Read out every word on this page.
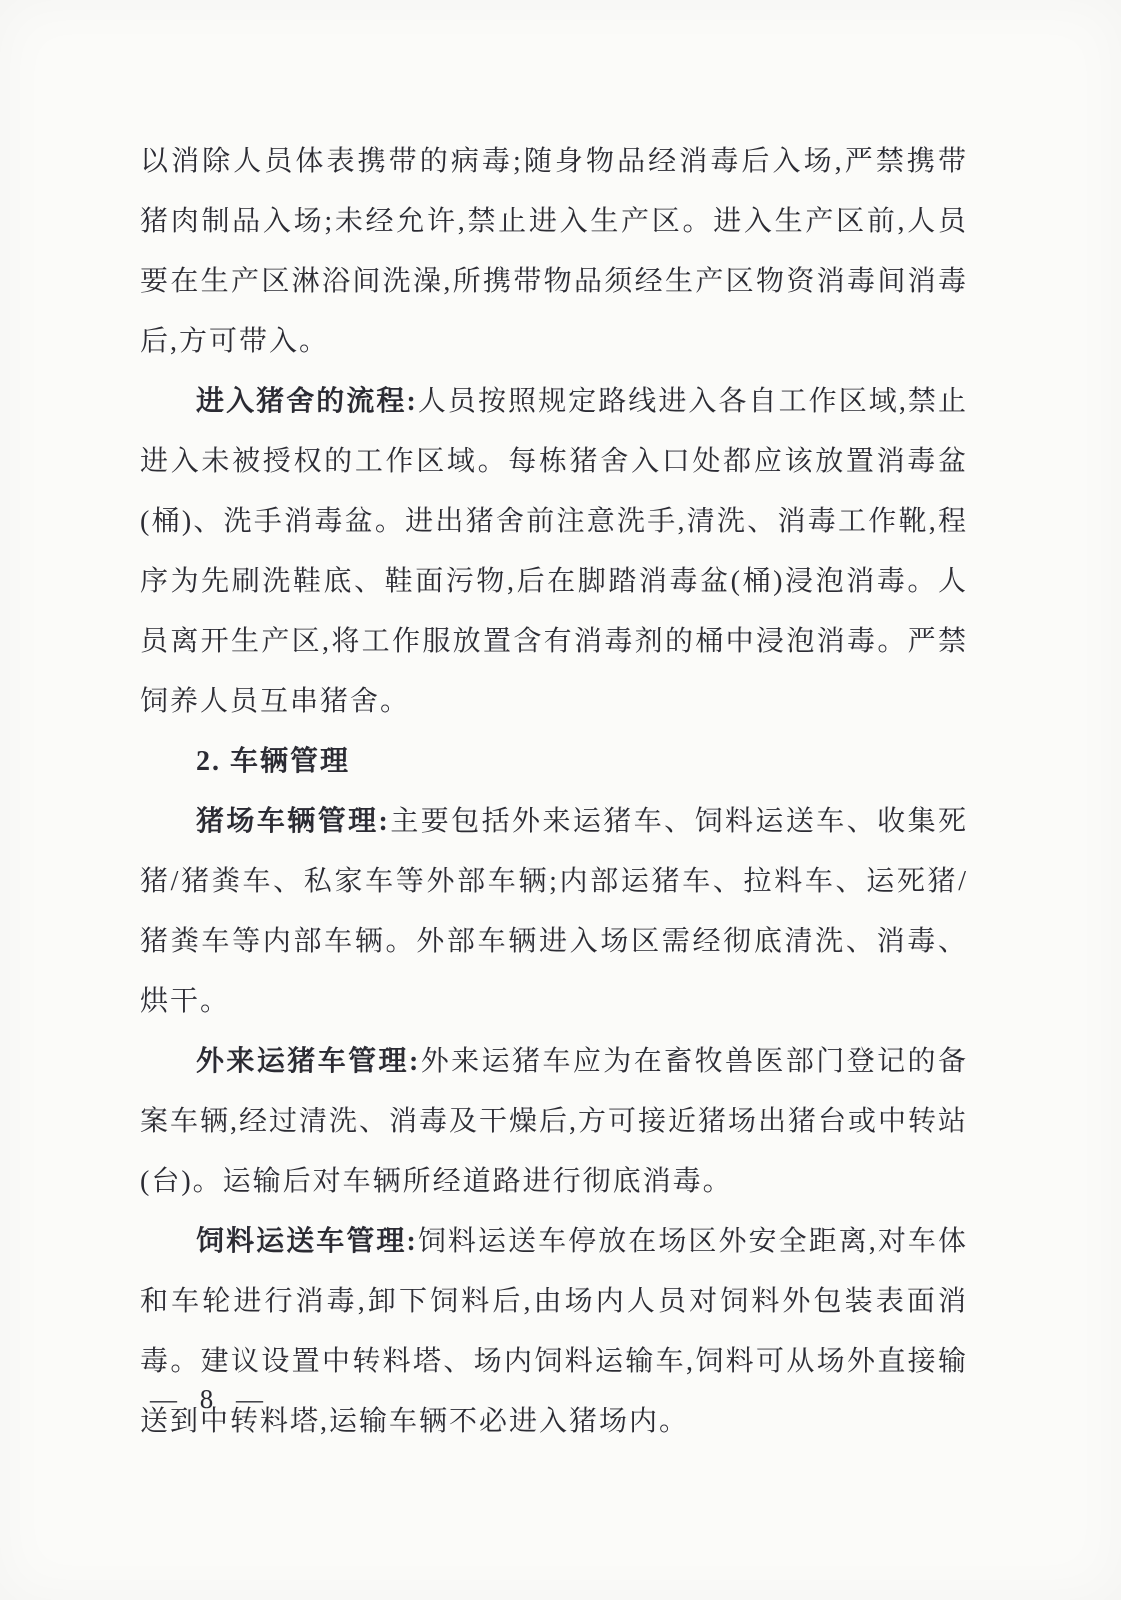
以消除人员体表携带的病毒;随身物品经消毒后入场,严禁携带猪肉制品入场;未经允许,禁止进入生产区。进入生产区前,人员要在生产区淋浴间洗澡,所携带物品须经生产区物资消毒间消毒后,方可带入。

进入猪舍的流程:人员按照规定路线进入各自工作区域,禁止进入未被授权的工作区域。每栋猪舍入口处都应该放置消毒盆(桶)、洗手消毒盆。进出猪舍前注意洗手,清洗、消毒工作靴,程序为先刷洗鞋底、鞋面污物,后在脚踏消毒盆(桶)浸泡消毒。人员离开生产区,将工作服放置含有消毒剂的桶中浸泡消毒。严禁饲养人员互串猪舍。

2. 车辆管理

猪场车辆管理:主要包括外来运猪车、饲料运送车、收集死猪/猪粪车、私家车等外部车辆;内部运猪车、拉料车、运死猪/猪粪车等内部车辆。外部车辆进入场区需经彻底清洗、消毒、烘干。

外来运猪车管理:外来运猪车应为在畜牧兽医部门登记的备案车辆,经过清洗、消毒及干燥后,方可接近猪场出猪台或中转站(台)。运输后对车辆所经道路进行彻底消毒。

饲料运送车管理:饲料运送车停放在场区外安全距离,对车体和车轮进行消毒,卸下饲料后,由场内人员对饲料外包装表面消毒。建议设置中转料塔、场内饲料运输车,饲料可从场外直接输送到中转料塔,运输车辆不必进入猪场内。

— 8 —
